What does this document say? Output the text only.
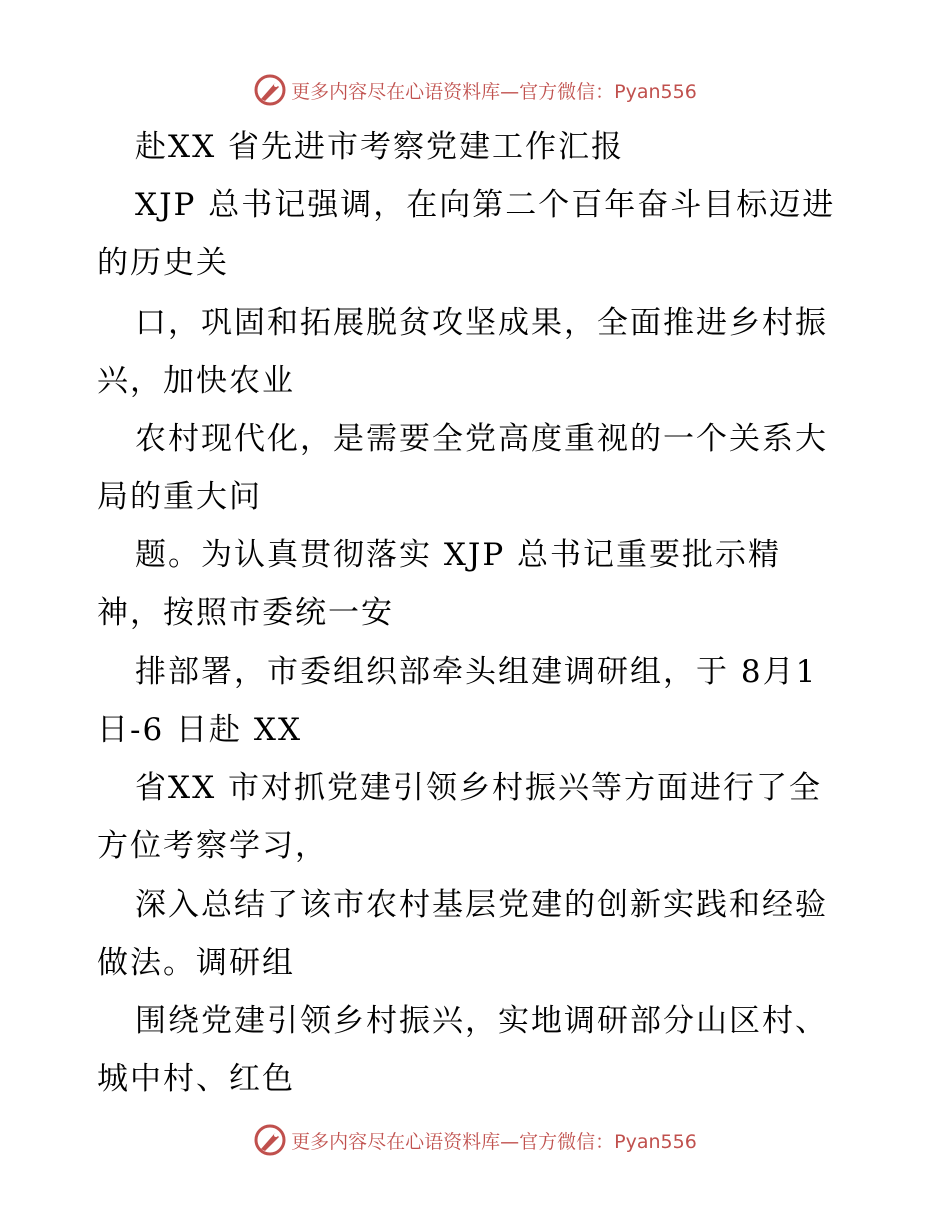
更多内容尽在心语资料库—官方微信：Pyan556
赴XX 省先进市考察党建工作汇报
XJP 总书记强调，在向第二个百年奋斗目标迈进
的历史关
口，巩固和拓展脱贫攻坚成果，全面推进乡村振
兴，加快农业
农村现代化，是需要全党高度重视的一个关系大
局的重大问
题。为认真贯彻落实 XJP 总书记重要批示精
神，按照市委统一安
排部署，市委组织部牵头组建调研组，于 8月1
日-6 日赴 XX
省XX 市对抓党建引领乡村振兴等方面进行了全
方位考察学习，
深入总结了该市农村基层党建的创新实践和经验
做法。调研组
围绕党建引领乡村振兴，实地调研部分山区村、
城中村、红色
更多内容尽在心语资料库—官方微信：Pyan556
